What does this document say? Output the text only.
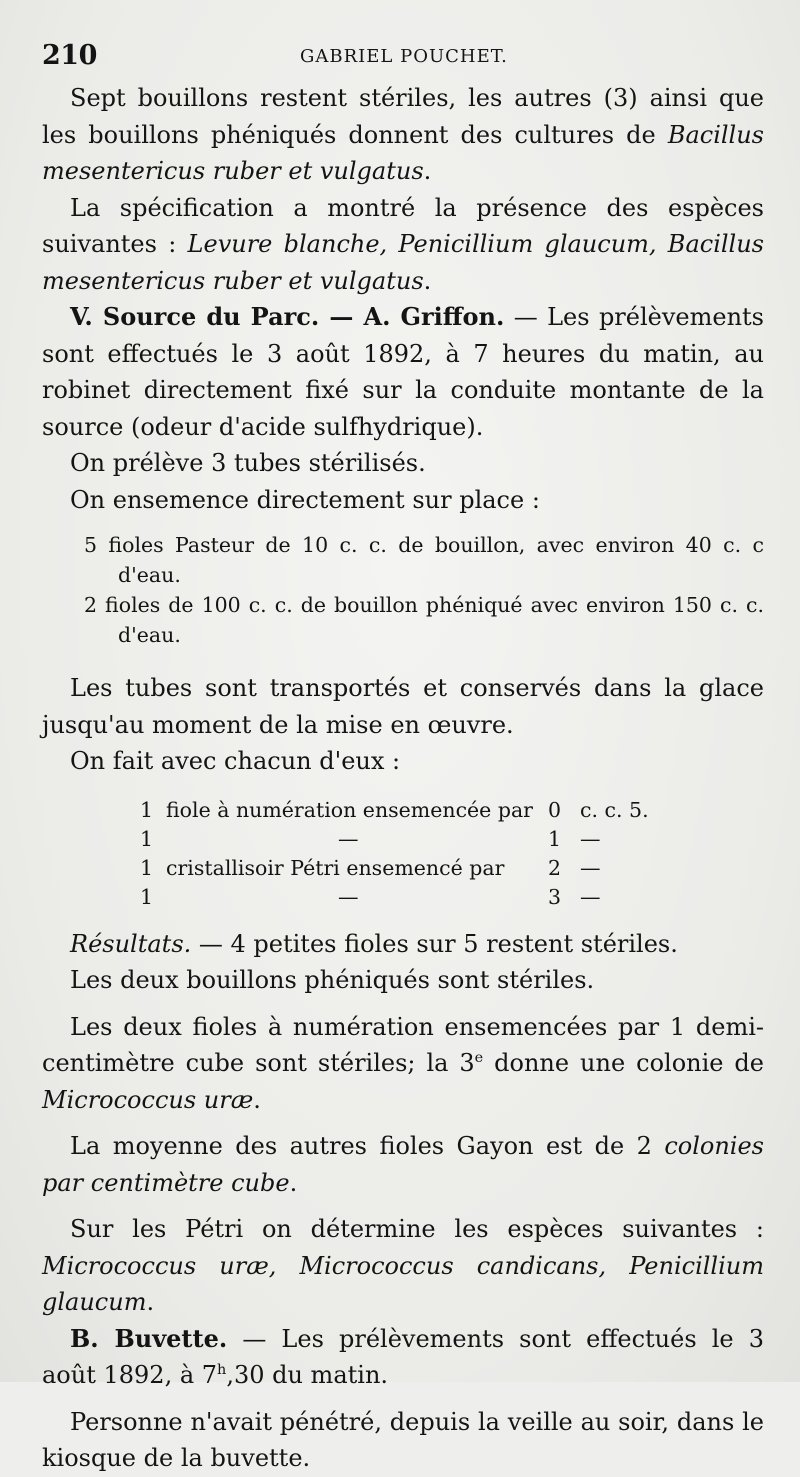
210	GABRIEL POUCHET.

Sept bouillons restent stériles, les autres (3) ainsi que les bouillons phéniqués donnent des cultures de Bacillus mesentericus ruber et vulgatus.

La spécification a montré la présence des espèces suivantes : Levure blanche, Penicillium glaucum, Bacillus mesentericus ruber et vulgatus.

V. Source du Parc. — A. Griffon. — Les prélèvements sont effectués le 3 août 1892, à 7 heures du matin, au robinet directement fixé sur la conduite montante de la source (odeur d'acide sulfhydrique).

On prélève 3 tubes stérilisés.

On ensemence directement sur place :

5 fioles Pasteur de 10 c. c. de bouillon, avec environ 40 c. c d'eau.

2 fioles de 100 c. c. de bouillon phéniqué avec environ 150 c. c. d'eau.

Les tubes sont transportés et conservés dans la glace jusqu'au moment de la mise en œuvre.

On fait avec chacun d'eux :

1 fiole à numération ensemencée par 0 c. c. 5.
1	—	1 —
1 cristallisoir Pétri ensemencé par 2 —
1	—	3 —

Résultats. — 4 petites fioles sur 5 restent stériles.

Les deux bouillons phéniqués sont stériles.

Les deux fioles à numération ensemencées par 1 demi-centimètre cube sont stériles; la 3e donne une colonie de Micrococcus uræ.

La moyenne des autres fioles Gayon est de 2 colonies par centimètre cube.

Sur les Pétri on détermine les espèces suivantes : Micrococcus uræ, Micrococcus candicans, Penicillium glaucum.

B. Buvette. — Les prélèvements sont effectués le 3 août 1892, à 7$^h$,30 du matin.

Personne n'avait pénétré, depuis la veille au soir, dans le kiosque de la buvette.
